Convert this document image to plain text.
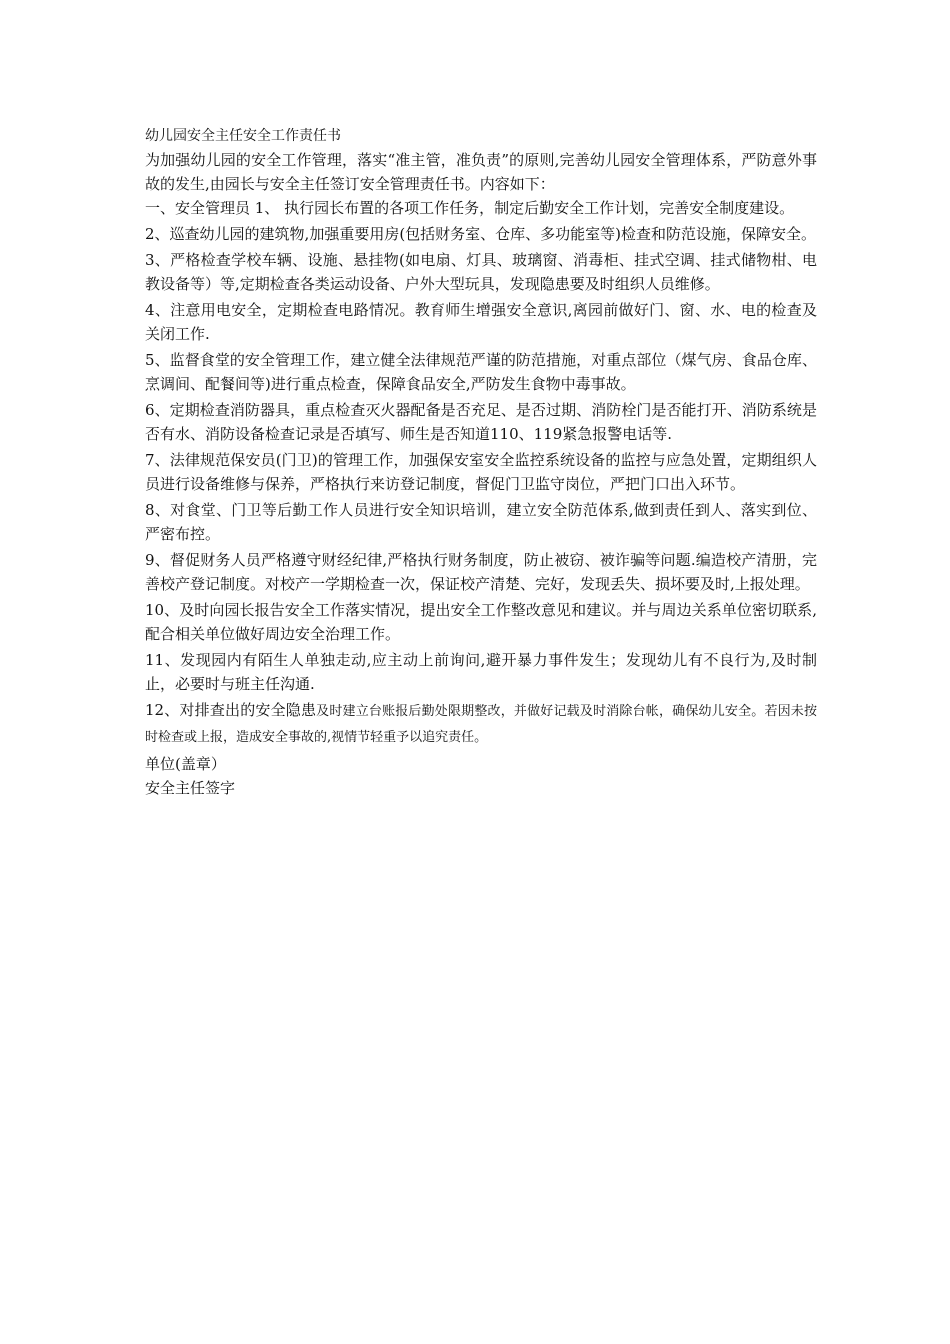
幼儿园安全主任安全工作责任书

为加强幼儿园的安全工作管理，落实“准主管，准负责”的原则,完善幼儿园安全管理体系，严防意外事故的发生,由园长与安全主任签订安全管理责任书。内容如下：

一、安全管理员 1、 执行园长布置的各项工作任务，制定后勤安全工作计划，完善安全制度建设。

2、巡查幼儿园的建筑物,加强重要用房(包括财务室、仓库、多功能室等)检查和防范设施，保障安全。

3、严格检查学校车辆、设施、悬挂物(如电扇、灯具、玻璃窗、消毒柜、挂式空调、挂式储物柑、电教设备等）等,定期检查各类运动设备、户外大型玩具，发现隐患要及时组织人员维修。

4、注意用电安全，定期检查电路情况。教育师生增强安全意识,离园前做好门、窗、水、电的检查及关闭工作.

5、监督食堂的安全管理工作，建立健全法律规范严谨的防范措施，对重点部位（煤气房、食品仓库、烹调间、配餐间等)进行重点检查，保障食品安全,严防发生食物中毒事故。

6、定期检查消防器具，重点检查灭火器配备是否充足、是否过期、消防栓门是否能打开、消防系统是否有水、消防设备检查记录是否填写、师生是否知道110、119紧急报警电话等.

7、法律规范保安员(门卫)的管理工作，加强保安室安全监控系统设备的监控与应急处置，定期组织人员进行设备维修与保养，严格执行来访登记制度，督促门卫监守岗位，严把门口出入环节。

8、对食堂、门卫等后勤工作人员进行安全知识培训，建立安全防范体系,做到责任到人、落实到位、严密布控。

9、督促财务人员严格遵守财经纪律,严格执行财务制度，防止被窃、被诈骗等问题.编造校产清册，完善校产登记制度。对校产一学期检查一次，保证校产清楚、完好，发现丢失、损坏要及时,上报处理。

10、及时向园长报告安全工作落实情况，提出安全工作整改意见和建议。并与周边关系单位密切联系,配合相关单位做好周边安全治理工作。

11、发现园内有陌生人单独走动,应主动上前询问,避开暴力事件发生；发现幼儿有不良行为,及时制止，必要时与班主任沟通.

12、对排查出的安全隐患及时建立台账报后勤处限期整改，并做好记载及时消除台帐，确保幼儿安全。若因未按时检查或上报，造成安全事故的,视情节轻重予以追究责任。

单位(盖章）

安全主任签字
